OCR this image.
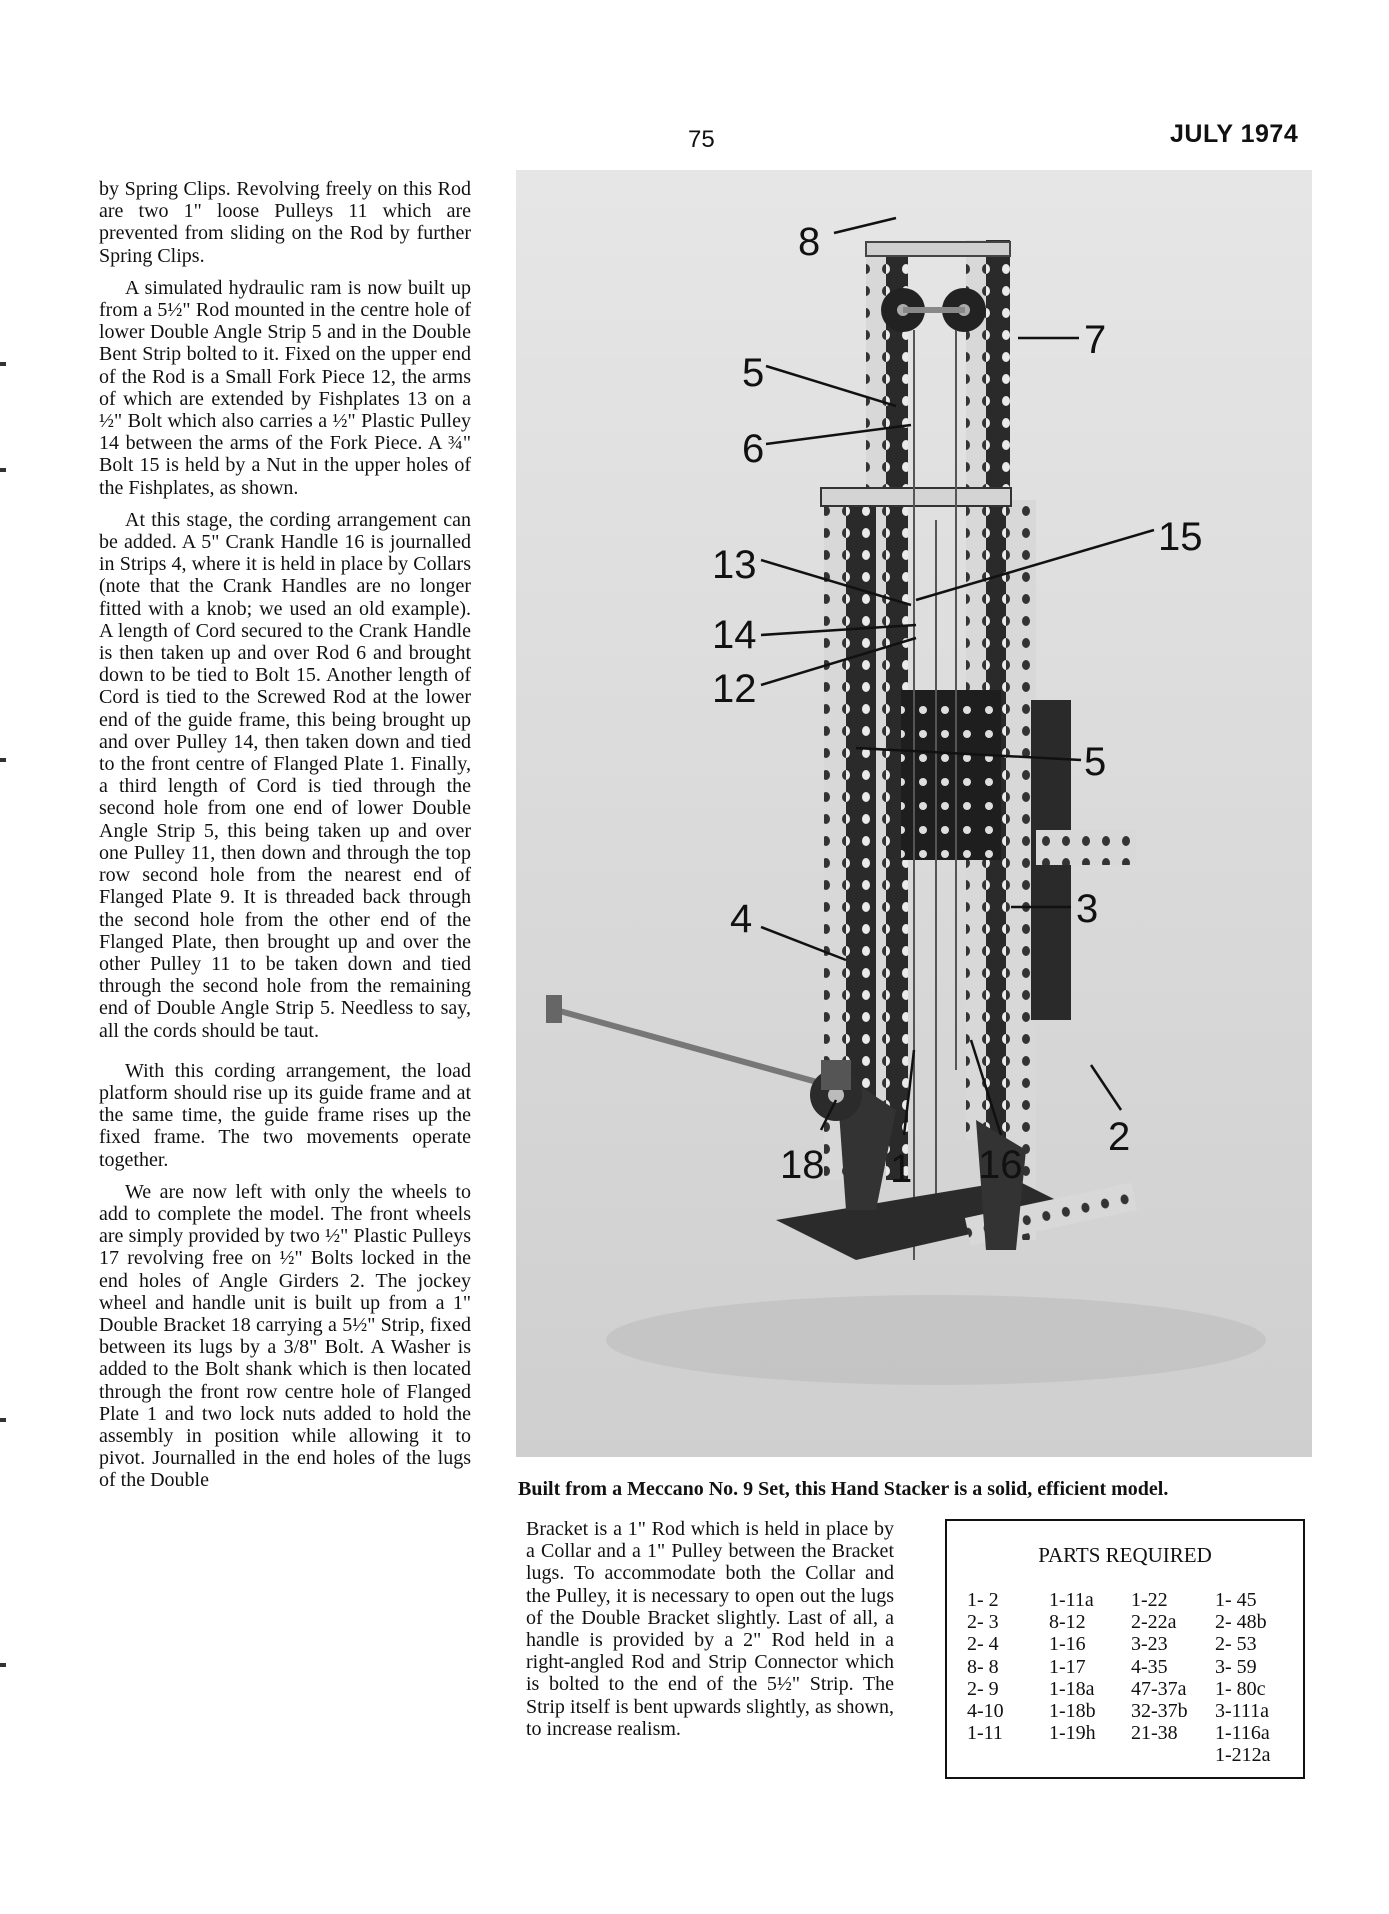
75	JULY 1974

by Spring Clips. Revolving freely on this Rod are two 1" loose Pulleys 11 which are prevented from sliding on the Rod by further Spring Clips.

A simulated hydraulic ram is now built up from a 5½" Rod mounted in the centre hole of lower Double Angle Strip 5 and in the Double Bent Strip bolted to it. Fixed on the upper end of the Rod is a Small Fork Piece 12, the arms of which are extended by Fishplates 13 on a ½" Bolt which also carries a ½" Plastic Pulley 14 between the arms of the Fork Piece. A ¾" Bolt 15 is held by a Nut in the upper holes of the Fishplates, as shown.

At this stage, the cording arrangement can be added. A 5" Crank Handle 16 is journalled in Strips 4, where it is held in place by Collars (note that the Crank Handles are no longer fitted with a knob; we used an old example). A length of Cord secured to the Crank Handle is then taken up and over Rod 6 and brought down to be tied to Bolt 15. Another length of Cord is tied to the Screwed Rod at the lower end of the guide frame, this being brought up and over Pulley 14, then taken down and tied to the front centre of Flanged Plate 1. Finally, a third length of Cord is tied through the second hole from one end of lower Double Angle Strip 5, this being taken up and over one Pulley 11, then down and through the top row second hole from the nearest end of Flanged Plate 9. It is threaded back through the second hole from the other end of the Flanged Plate, then brought up and over the other Pulley 11 to be taken down and tied through the second hole from the remaining end of Double Angle Strip 5. Needless to say, all the cords should be taut.

With this cording arrangement, the load platform should rise up its guide frame and at the same time, the guide frame rises up the fixed frame. The two movements operate together.

We are now left with only the wheels to add to complete the model. The front wheels are simply provided by two ½" Plastic Pulleys 17 revolving free on ½" Bolts locked in the end holes of Angle Girders 2. The jockey wheel and handle unit is built up from a 1" Double Bracket 18 carrying a 5½" Strip, fixed between its lugs by a 3/8" Bolt. A Washer is added to the Bolt shank which is then located through the front row centre hole of Flanged Plate 1 and two lock nuts added to hold the assembly in position while allowing it to pivot. Journalled in the end holes of the lugs of the Double

8
7
5
6
15
13
14
12
5
3
4
2
18 1 16
Built from a Meccano No. 9 Set, this Hand Stacker is a solid, efficient model.

Bracket is a 1" Rod which is held in place by a Collar and a 1" Pulley between the Bracket lugs. To accommodate both the Collar and the Pulley, it is necessary to open out the lugs of the Double Bracket slightly. Last of all, a handle is provided by a 2" Rod held in a right-angled Rod and Strip Connector which is bolted to the end of the 5½" Strip. The Strip itself is bent upwards slightly, as shown, to increase realism.

PARTS REQUIRED
1- 2
2- 3
2- 4
8- 8
2- 9
4-10
1-11
1-11a
8-12
1-16
1-17
1-18a
1-18b
1-19h
1-22
2-22a
3-23
4-35
47-37a
32-37b
21-38
1- 45
2- 48b
2- 53
3- 59
1- 80c
3-111a
1-116a
1-212a
